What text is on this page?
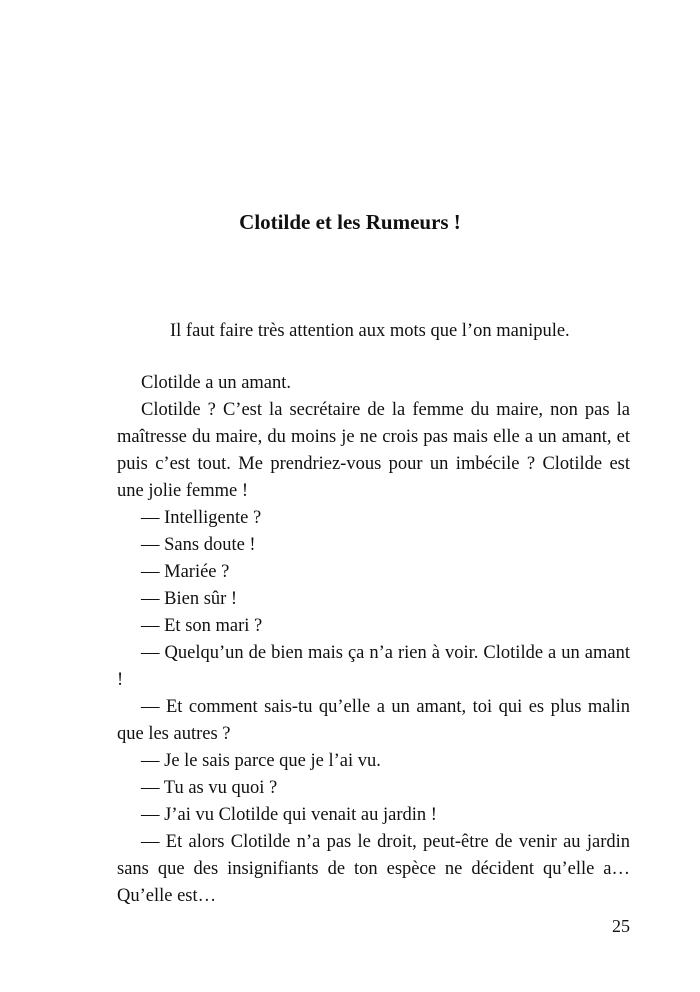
Clotilde et les Rumeurs !
Il faut faire très attention aux mots que l’on manipule.

Clotilde a un amant.

Clotilde ? C’est la secrétaire de la femme du maire, non pas la maîtresse du maire, du moins je ne crois pas mais elle a un amant, et puis c’est tout. Me prendriez-vous pour un imbécile ? Clotilde est une jolie femme !

— Intelligente ?

— Sans doute !

— Mariée ?

— Bien sûr !

— Et son mari ?

— Quelqu’un de bien mais ça n’a rien à voir. Clotilde a un amant !

— Et comment sais-tu qu’elle a un amant, toi qui es plus malin que les autres ?

— Je le sais parce que je l’ai vu.

— Tu as vu quoi ?

— J’ai vu Clotilde qui venait au jardin !

— Et alors Clotilde n’a pas le droit, peut-être de venir au jardin sans que des insignifiants de ton espèce ne décident qu’elle a… Qu’elle est…

25
